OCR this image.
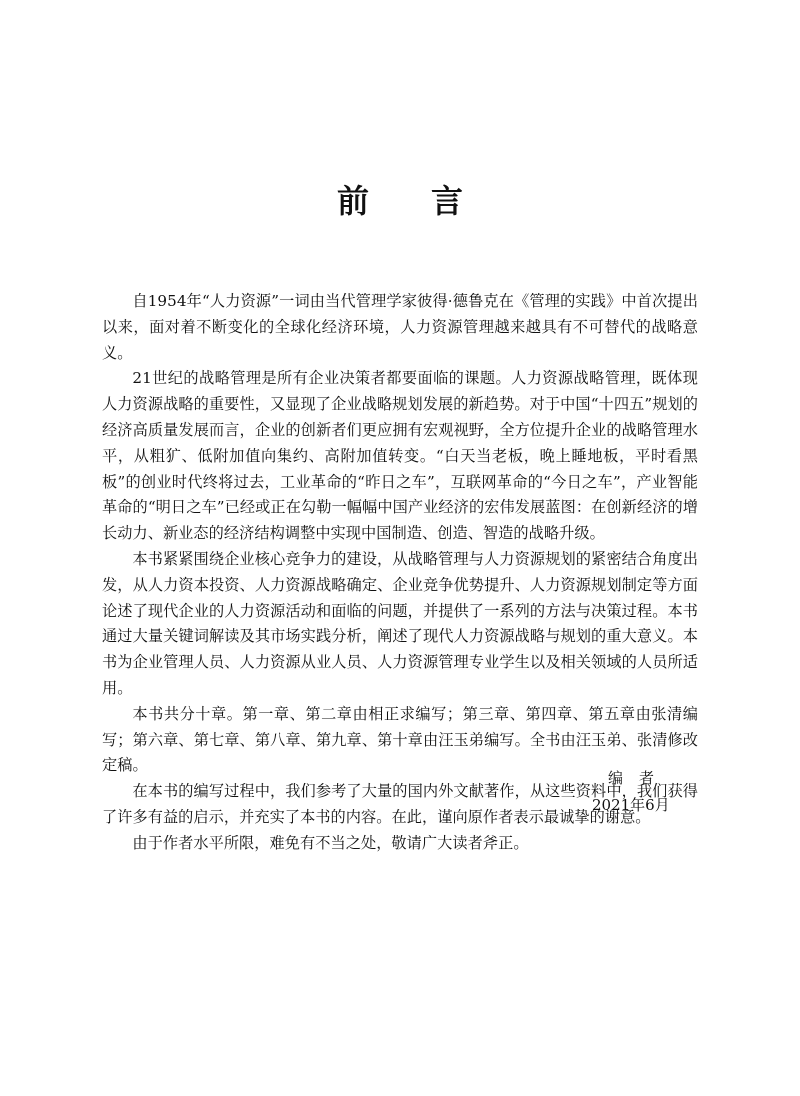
前言

自1954年“人力资源”一词由当代管理学家彼得·德鲁克在《管理的实践》中首次提出以来，面对着不断变化的全球化经济环境，人力资源管理越来越具有不可替代的战略意义。

21世纪的战略管理是所有企业决策者都要面临的课题。人力资源战略管理，既体现人力资源战略的重要性，又显现了企业战略规划发展的新趋势。对于中国“十四五”规划的经济高质量发展而言，企业的创新者们更应拥有宏观视野，全方位提升企业的战略管理水平，从粗犷、低附加值向集约、高附加值转变。“白天当老板，晚上睡地板，平时看黑板”的创业时代终将过去，工业革命的“昨日之车”，互联网革命的“今日之车”，产业智能革命的“明日之车”已经或正在勾勒一幅幅中国产业经济的宏伟发展蓝图：在创新经济的增长动力、新业态的经济结构调整中实现中国制造、创造、智造的战略升级。

本书紧紧围绕企业核心竞争力的建设，从战略管理与人力资源规划的紧密结合角度出发，从人力资本投资、人力资源战略确定、企业竞争优势提升、人力资源规划制定等方面论述了现代企业的人力资源活动和面临的问题，并提供了一系列的方法与决策过程。本书通过大量关键词解读及其市场实践分析，阐述了现代人力资源战略与规划的重大意义。本书为企业管理人员、人力资源从业人员、人力资源管理专业学生以及相关领域的人员所适用。

本书共分十章。第一章、第二章由相正求编写；第三章、第四章、第五章由张清编写；第六章、第七章、第八章、第九章、第十章由汪玉弟编写。全书由汪玉弟、张清修改定稿。

在本书的编写过程中，我们参考了大量的国内外文献著作，从这些资料中，我们获得了许多有益的启示，并充实了本书的内容。在此，谨向原作者表示最诚挚的谢意。

由于作者水平所限，难免有不当之处，敬请广大读者斧正。

编者
2021年6月
